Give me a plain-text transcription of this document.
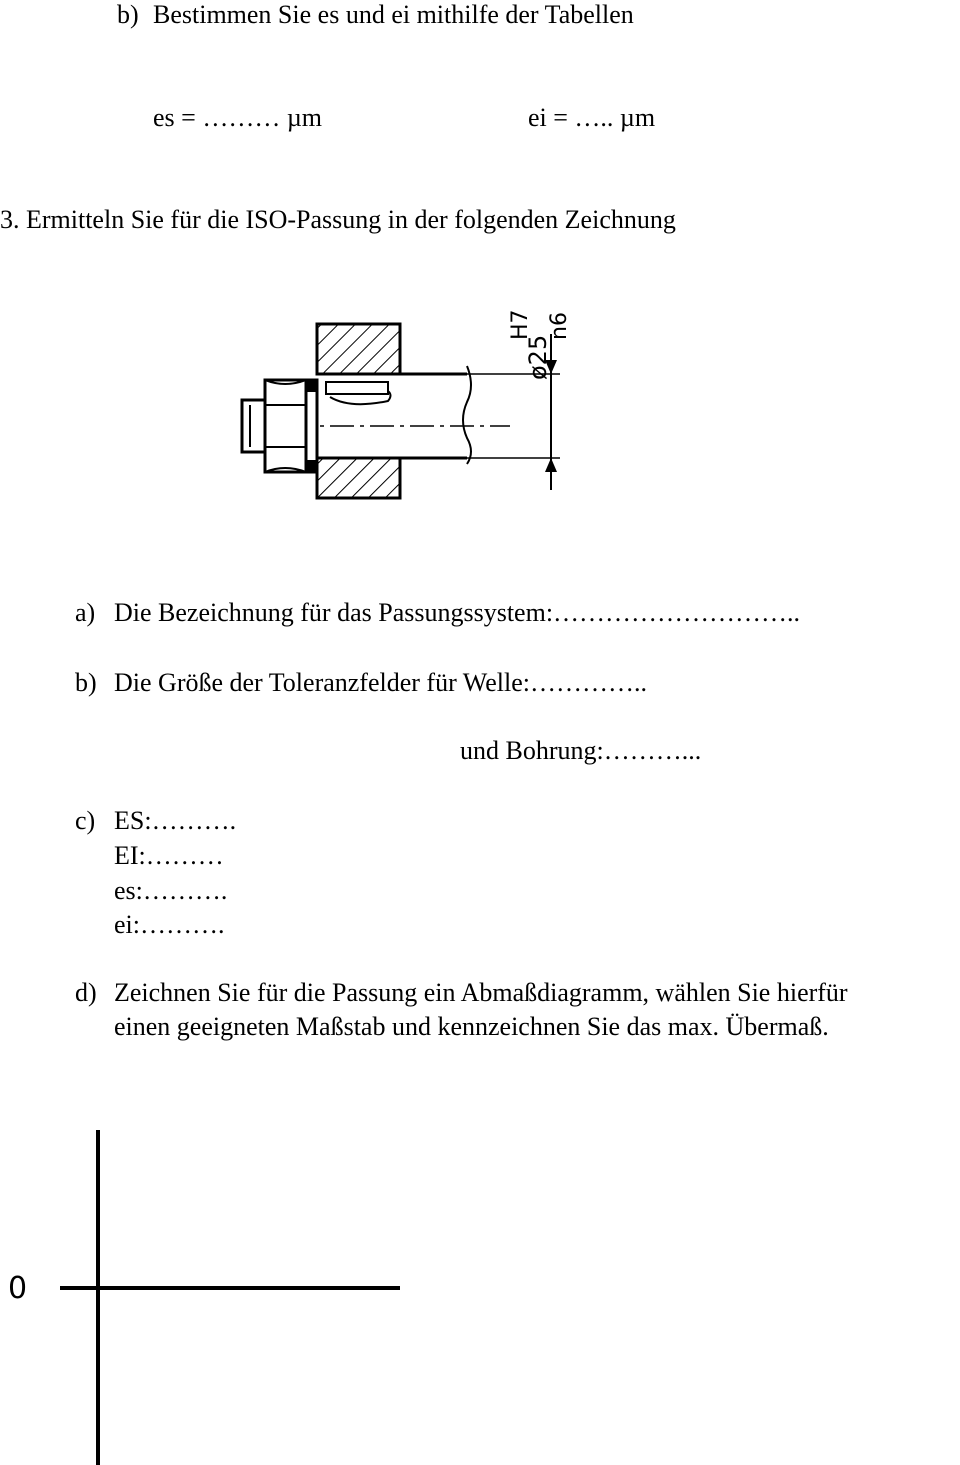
b) Bestimmen Sie es und ei mithilfe der Tabellen
es = ……… µm	ei = ….. µm
3. Ermitteln Sie für die ISO-Passung in der folgenden Zeichnung
ø25
H7 n6
a) Die Bezeichnung für das Passungssystem:………………………..
b) Die Größe der Toleranzfelder für Welle:…………..
und Bohrung:………...
c) ES:……….
EI:………
es:……….
ei:……….
d) Zeichnen Sie für die Passung ein Abmaßdiagramm, wählen Sie hierfür
einen geeigneten Maßstab und kennzeichnen Sie das max. Übermaß.
0
